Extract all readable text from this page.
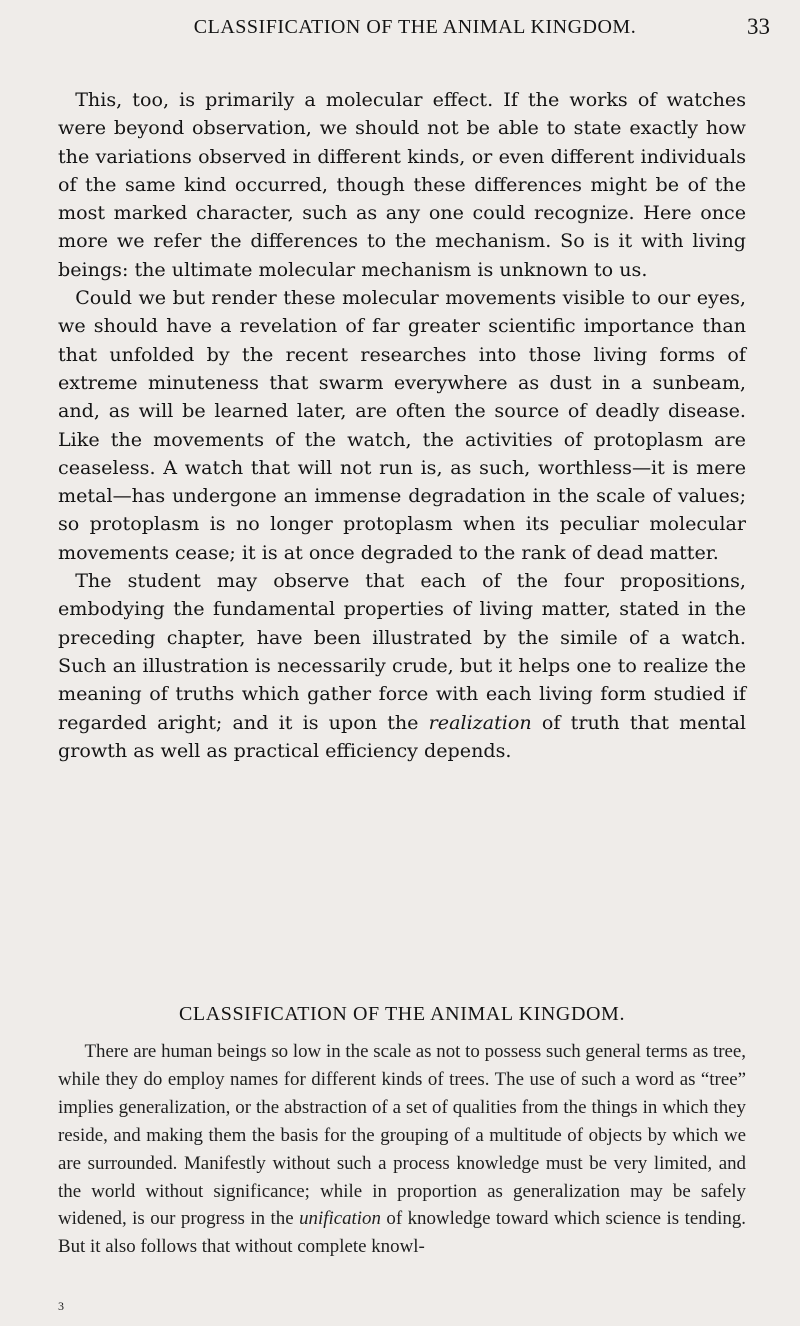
CLASSIFICATION OF THE ANIMAL KINGDOM.	33

This, too, is primarily a molecular effect. If the works of watches were beyond observation, we should not be able to state exactly how the variations observed in different kinds, or even different individuals of the same kind occurred, though these differences might be of the most marked character, such as any one could recognize. Here once more we refer the differences to the mechanism. So is it with living beings: the ultimate molecular mechanism is unknown to us.

Could we but render these molecular movements visible to our eyes, we should have a revelation of far greater scientific importance than that unfolded by the recent researches into those living forms of extreme minuteness that swarm everywhere as dust in a sunbeam, and, as will be learned later, are often the source of deadly disease. Like the movements of the watch, the activities of protoplasm are ceaseless. A watch that will not run is, as such, worthless—it is mere metal—has undergone an immense degradation in the scale of values; so protoplasm is no longer protoplasm when its peculiar molecular movements cease; it is at once degraded to the rank of dead matter.

The student may observe that each of the four propositions, embodying the fundamental properties of living matter, stated in the preceding chapter, have been illustrated by the simile of a watch. Such an illustration is necessarily crude, but it helps one to realize the meaning of truths which gather force with each living form studied if regarded aright; and it is upon the realization of truth that mental growth as well as practical efficiency depends.

CLASSIFICATION OF THE ANIMAL KINGDOM.

There are human beings so low in the scale as not to possess such general terms as tree, while they do employ names for different kinds of trees. The use of such a word as “tree” implies generalization, or the abstraction of a set of qualities from the things in which they reside, and making them the basis for the grouping of a multitude of objects by which we are surrounded. Manifestly without such a process knowledge must be very limited, and the world without significance; while in proportion as generalization may be safely widened, is our progress in the unification of knowledge toward which science is tending. But it also follows that without complete knowl-

3
